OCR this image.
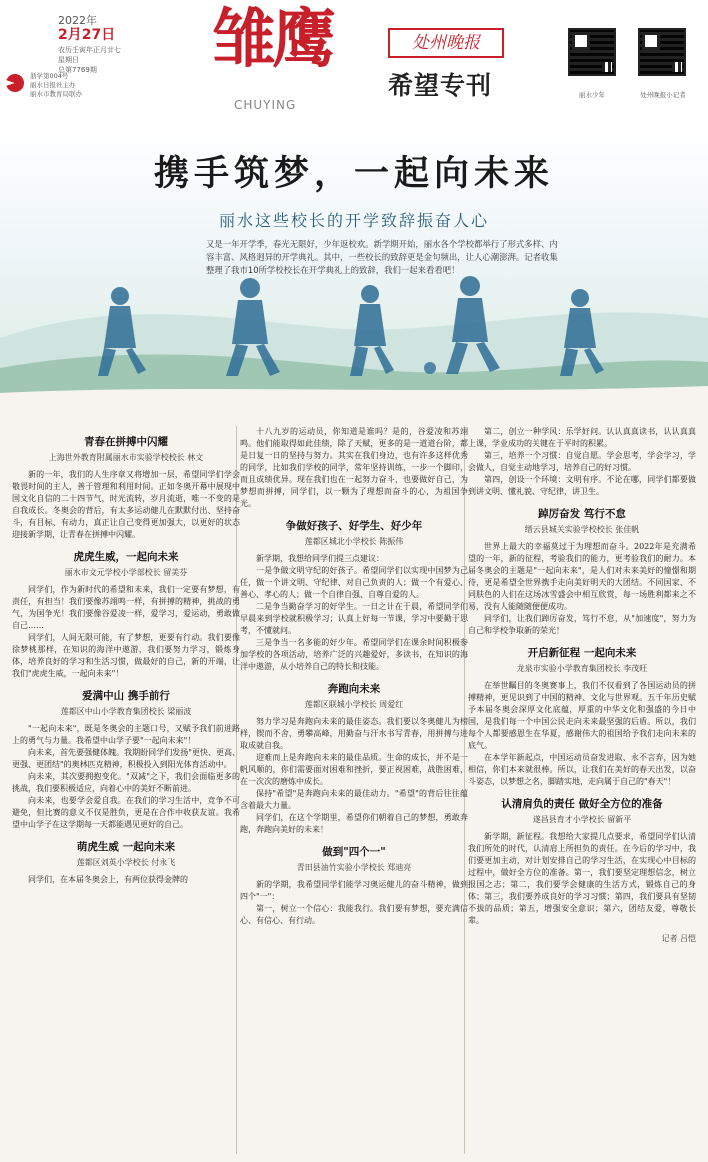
2022年
2月27日
农历壬寅年正月廿七
星期日
总第7769期
浙学第004号
丽水日报社主办
丽水市教育局联办
雏鹰
CHUYING
处州晚报
希望专刊	丽水少年	处州晚报小记者
携手筑梦，一起向未来
丽水这些校长的开学致辞振奋人心
又是一年开学季，春光无限好，少年返校欢。新学期开始，丽水各个学校都举行了形式多样、内容丰富、风格迥异的开学典礼。其中，一些校长的致辞更是金句频出，让人心潮澎湃。记者收集整理了我市10所学校校长在开学典礼上的致辞，我们一起来看看吧！
青春在拼搏中闪耀
上海世外教育附属丽水市实验学校校长 林文

新的一年，我们的人生序章又将增加一层，希望同学们学会敬畏时间的主人，善于管理和利用时间。正如冬奥开幕中展现中国文化自信的二十四节气，时光流转，岁月流逝，唯一不变的是自我成长。冬奥会的背后，有太多运动健儿在默默付出、坚持奋斗，有目标、有动力，真正让自己变得更加强大，以更好的状态迎接新学期，让青春在拼搏中闪耀。

虎虎生威，一起向未来
丽水市文元学校小学部校长 留美芬

同学们，作为新时代的希望和未来，我们一定要有梦想，有责任，有担当！我们要像苏翊鸣一样，有拼搏的精神，挑战的勇气，为国争光！我们要像谷爱凌一样，爱学习，爱运动，勇敢做自己……

同学们，人间无限可能，有了梦想，更要有行动。我们要像徐梦桃那样，在知识的海洋中遨游，我们要努力学习，锻炼身体，培养良好的学习和生活习惯，做最好的自己，新的开端，让我们"虎虎生威，一起向未来"！

爱满中山 携手前行
莲都区中山小学教育集团校长 梁丽波

"一起向未来"，既是冬奥会的主题口号，又赋予我们前进路上的勇气与力量。我希望中山学子要"一起向未来"！

向未来，首先要强健体魄。我期盼同学们发扬"更快、更高、更强、更团结"的奥林匹克精神，积极投入到阳光体育活动中。

向未来，其次要拥抱变化。"双减"之下，我们会面临更多的挑战，我们要积极适应，向着心中的美好不断前进。

向未来，也要学会爱自我。在我们的学习生活中，竞争不可避免，但比赛的意义不仅是胜负，更是在合作中收获友谊。我希望中山学子在这学期每一天都能遇见更好的自己。

萌虎生威 一起向未来
莲都区刘英小学校长 付永飞

同学们，在本届冬奥会上，有两位获得金牌的

十八九岁的运动员，你知道是谁吗？是的，谷爱凌和苏翊鸣。他们能取得如此佳绩，除了天赋，更多的是一道道台阶，都是日复一日的坚持与努力。其实在我们身边，也有许多这样优秀的同学，比如我们学校的同学，常年坚持训练，一步一个脚印，而且成绩优异。现在我们也在一起努力奋斗，也要做好自己，为梦想而拼搏，同学们，以一颗为了理想而奋斗的心，为祖国争光。

争做好孩子、好学生、好少年
莲都区城北小学校长 陈振伟

新学期，我想给同学们提三点建议：

一是争做文明守纪的好孩子。希望同学们以实现中国梦为己任，做一个讲文明、守纪律、对自己负责的人；做一个有爱心、善心、孝心的人；做一个自律自强、自尊自爱的人。

二是争当勤奋学习的好学生。一日之计在于晨，希望同学们早晨来到学校就积极学习；认真上好每一节课，学习中要勤于思考，不懂就问。

三是争当一名多能的好少年。希望同学们在课余时间积极参加学校的各项活动，培养广泛的兴趣爱好，多读书，在知识的海洋中遨游，从小培养自己的特长和技能。

奔跑向未来
莲都区联城小学校长 周爱红

努力学习是奔跑向未来的最佳姿态。我们要以冬奥健儿为榜样，锲而不舍，勇攀高峰，用勤奋与汗水书写青春，用拼搏与进取成就自我。

迎难而上是奔跑向未来的最佳品质。生命的成长，并不是一帆风顺的，你们需要面对困难和挫折，要正视困难，战胜困难，在一次次的磨炼中成长。

保持"希望"是奔跑向未来的最佳动力。"希望"的背后往往蕴含着最大力量。

同学们，在这个学期里，希望你们朝着自己的梦想，勇敢奔跑，奔跑向美好的未来！

做到"四个一"
青田县油竹实验小学校长 郑迪亮

新的学期，我希望同学们能学习奥运健儿的奋斗精神，做到四个"一"：

第一，树立一个信心：我能我行。我们要有梦想，要充满信心、有信心、有行动。

第二，创立一种学风：乐学好问。认认真真读书，认认真真上课，学业成功的关键在于平时的积累。

第三，培养一个习惯：自觉自愿。学会思考，学会学习，学会做人，自觉主动地学习，培养自己的好习惯。

第四，创设一个环境：文明有序。不论在哪，同学们都要做到讲文明、懂礼貌、守纪律，讲卫生。

踔厉奋发 笃行不怠
缙云县城关实验学校校长 张佳帆

世界上最大的幸福莫过于为理想而奋斗。2022年是充满希望的一年，新的征程，考验我们的能力，更考验我们的耐力。本届冬奥会的主题是"一起向未来"，是人们对未来美好的憧憬和期待，更是希望全世界携手走向美好明天的大团结。不同国家、不同肤色的人们在这场冰雪盛会中相互欣赏，每一场胜利都来之不易，没有人能随随便便成功。

同学们，让我们踔厉奋发，笃行不怠，从"加速度"，努力为自己和学校争取新的荣光！

开启新征程 一起向未来
龙泉市实验小学教育集团校长 李茂旺

在举世瞩目的冬奥赛事上，我们不仅看到了各国运动员的拼搏精神，更见识到了中国的精神、文化与世界观。五千年历史赋予本届冬奥会深厚文化底蕴，厚重的中华文化和强盛的今日中国，是我们每一个中国公民走向未来最坚强的后盾。所以，我们每个人都要感恩生在华夏，感谢伟大的祖国给予我们走向未来的底气。

在本学年新起点，中国运动员奋发进取、永不言弃，因为她相信，你们本来就很棒。所以，让我们在美好的春天出发，以奋斗姿态，以梦想之名，脚踏实地，走向属于自己的"春天"！

认清肩负的责任 做好全方位的准备
遂昌县育才小学校长 留新平

新学期，新征程。我想给大家提几点要求，希望同学们认清我们所处的时代，认清肩上所担负的责任。在今后的学习中，我们要更加主动，对计划安排自己的学习生活，在实现心中目标的过程中，做好全方位的准备。第一，我们要坚定理想信念，树立报国之志；第二，我们要学会健康的生活方式，锻炼自己的身体；第三，我们要养成良好的学习习惯；第四，我们要具有坚韧不拔的品质；第五，增强安全意识；第六，团结友爱，尊敬长辈。

记者 吕恺
